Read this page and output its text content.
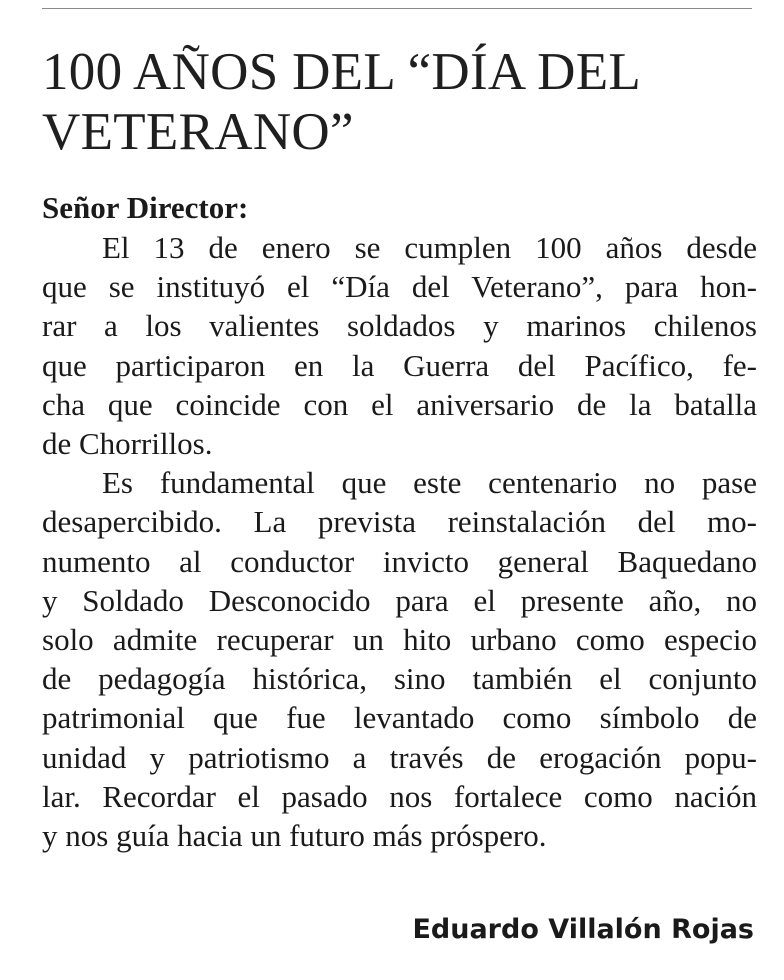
100 AÑOS DEL “DÍA DEL
VETERANO”

Señor Director:

El 13 de enero se cumplen 100 años desde
que se instituyó el “Día del Veterano”, para hon-
rar a los valientes soldados y marinos chilenos
que participaron en la Guerra del Pacífico, fe-
cha que coincide con el aniversario de la batalla
de Chorrillos.
Es fundamental que este centenario no pase
desapercibido. La prevista reinstalación del mo-
numento al conductor invicto general Baquedano
y Soldado Desconocido para el presente año, no
solo admite recuperar un hito urbano como especio
de pedagogía histórica, sino también el conjunto
patrimonial que fue levantado como símbolo de
unidad y patriotismo a través de erogación popu-
lar. Recordar el pasado nos fortalece como nación
y nos guía hacia un futuro más próspero.

Eduardo Villalón Rojas
